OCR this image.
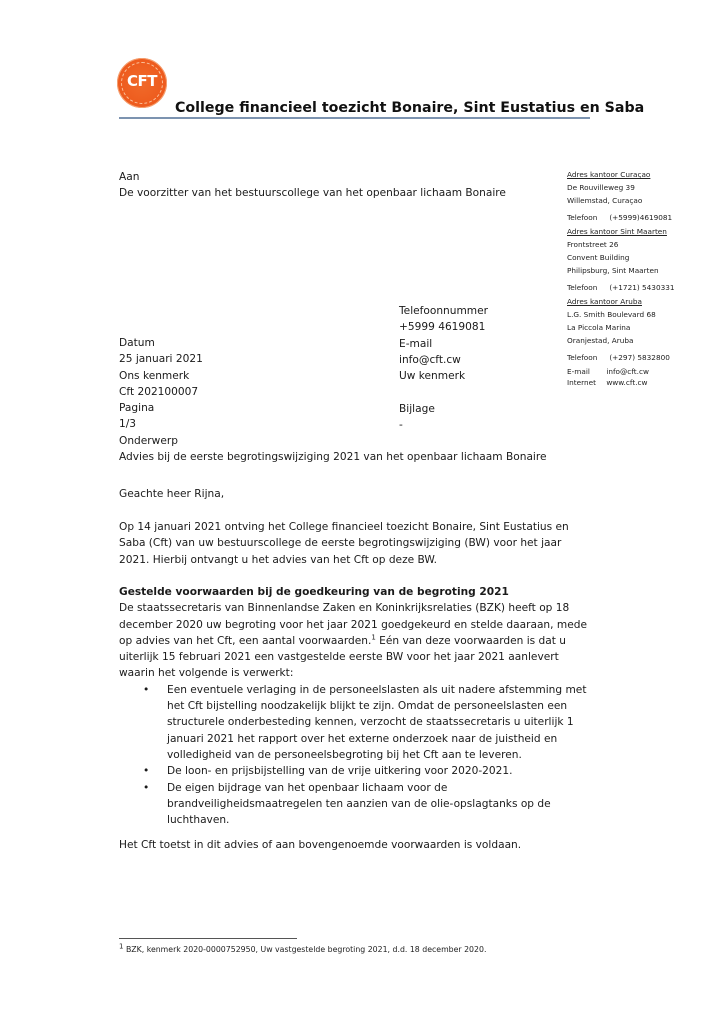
CFT
College financieel toezicht Bonaire, Sint Eustatius en Saba
Aan
De voorzitter van het bestuurscollege van het openbaar lichaam Bonaire
Adres kantoor Curaçao
De Rouvilleweg 39
Willemstad, Curaçao
Telefoon (+5999)4619081
Adres kantoor Sint Maarten
Frontstreet 26
Convent Building
Philipsburg, Sint Maarten
Telefoon (+1721) 5430331
Adres kantoor Aruba
L.G. Smith Boulevard 68
La Piccola Marina
Oranjestad, Aruba
Telefoon (+297) 5832800
E-mail info@cft.cw
Internet www.cft.cw
Datum
25 januari 2021
Ons kenmerk
Cft 202100007
Pagina
1/3
Onderwerp
Advies bij de eerste begrotingswijziging 2021 van het openbaar lichaam Bonaire
Telefoonnummer
+5999 4619081
E-mail
info@cft.cw
Uw kenmerk
Bijlage
-
Geachte heer Rijna,
Op 14 januari 2021 ontving het College financieel toezicht Bonaire, Sint Eustatius en
Saba (Cft) van uw bestuurscollege de eerste begrotingswijziging (BW) voor het jaar
2021. Hierbij ontvangt u het advies van het Cft op deze BW.
Gestelde voorwaarden bij de goedkeuring van de begroting 2021
De staatssecretaris van Binnenlandse Zaken en Koninkrijksrelaties (BZK) heeft op 18
december 2020 uw begroting voor het jaar 2021 goedgekeurd en stelde daaraan, mede
op advies van het Cft, een aantal voorwaarden.$^1$ Eén van deze voorwaarden is dat u
uiterlijk 15 februari 2021 een vastgestelde eerste BW voor het jaar 2021 aanlevert
waarin het volgende is verwerkt:
• Een eventuele verlaging in de personeelslasten als uit nadere afstemming met
het Cft bijstelling noodzakelijk blijkt te zijn. Omdat de personeelslasten een
structurele onderbesteding kennen, verzocht de staatssecretaris u uiterlijk 1
januari 2021 het rapport over het externe onderzoek naar de juistheid en
volledigheid van de personeelsbegroting bij het Cft aan te leveren.
• De loon- en prijsbijstelling van de vrije uitkering voor 2020-2021.
• De eigen bijdrage van het openbaar lichaam voor de
brandveiligheidsmaatregelen ten aanzien van de olie-opslagtanks op de
luchthaven.
Het Cft toetst in dit advies of aan bovengenoemde voorwaarden is voldaan.
$^1$ BZK, kenmerk 2020-0000752950, Uw vastgestelde begroting 2021, d.d. 18 december 2020.
